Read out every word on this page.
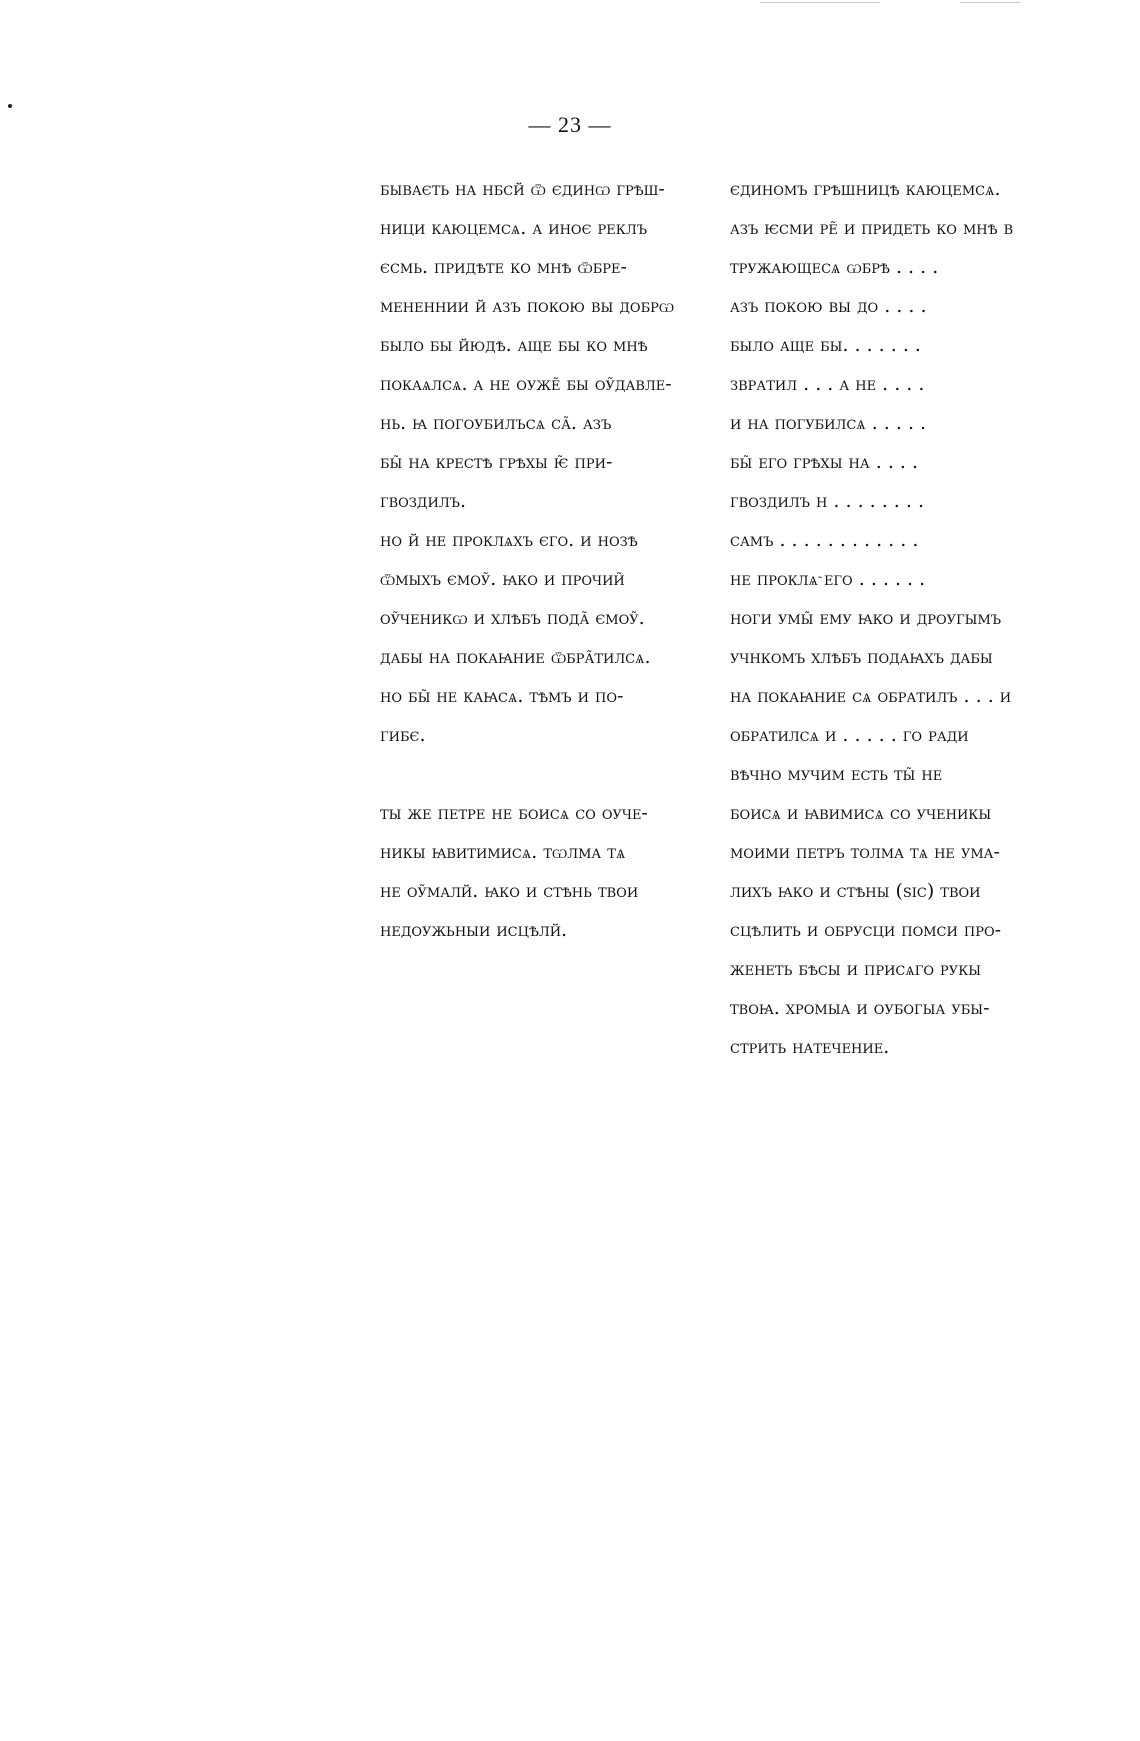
— 23 —
бываєть на нбсй ѿ єдинѡ грѣш-
ници каюцемсѧ. а иноє реклъ
єсмь. придѣте ко мнѣ ѿбре-
мененнии й азъ покою вы добрѡ
было бы йюдѣ. аще бы ко мнѣ
покаѧлсѧ. а не оуже̃ бы оу̃давле-
нь. ꙗ погоубилъсѧ са̃. азъ
бы̃ на крестѣ грѣхы ѥ̃ при-
гвоздилъ.
но й не проклѧхъ єго. и нозѣ
ѿмыхъ ємоу̃. ꙗко и прочии̃
оу̃ченикѡ и хлѣбъ пода̃ ємоу̃.
дабы на покаꙗние ѿбра̃тилсѧ.
но бы̃ не каꙗсѧ. тѣмъ и по-
гибє.
ты же петре не боисѧ со оуче-
никы ꙗвитимисѧ. тѡлма тѧ
не оу̃малй. ꙗко и стѣнь твои
недоужьныи исцѣлй.
єдиномъ грѣшницѣ каюцемсѧ.
азъ ѥсми ре̃ и придеть ко мнѣ в
тружающесѧ ѡбрѣ . . . .
азъ покою вы до . . . .
было аще бы. . . . . . .
звратил . . . а не . . . .
и на погубилсѧ . . . . .
бы̃ его грѣхы на . . . .
гвоздилъ н . . . . . . . .
самъ . . . . . . . . . . . .
не проклѧ̃ его . . . . . .
ноги умы̃ ему ꙗко и дроугымъ
учнкомъ хлѣбъ подаꙗхъ дабы
на покаꙗние сѧ обратилъ . . . и
обратилсѧ и . . . . . го ради
вѣчно мучим есть ты̃ не
боисѧ и ꙗвимисѧ со ученикы
моими петръ толма тѧ не ума-
лихъ ꙗко и стѣны (sic) твои
сцѣлить и обрусци помси про-
женеть бѣсы и присѧго рукы
твоꙗ. хромыа и оубогыа убы-
стрить натечение.
